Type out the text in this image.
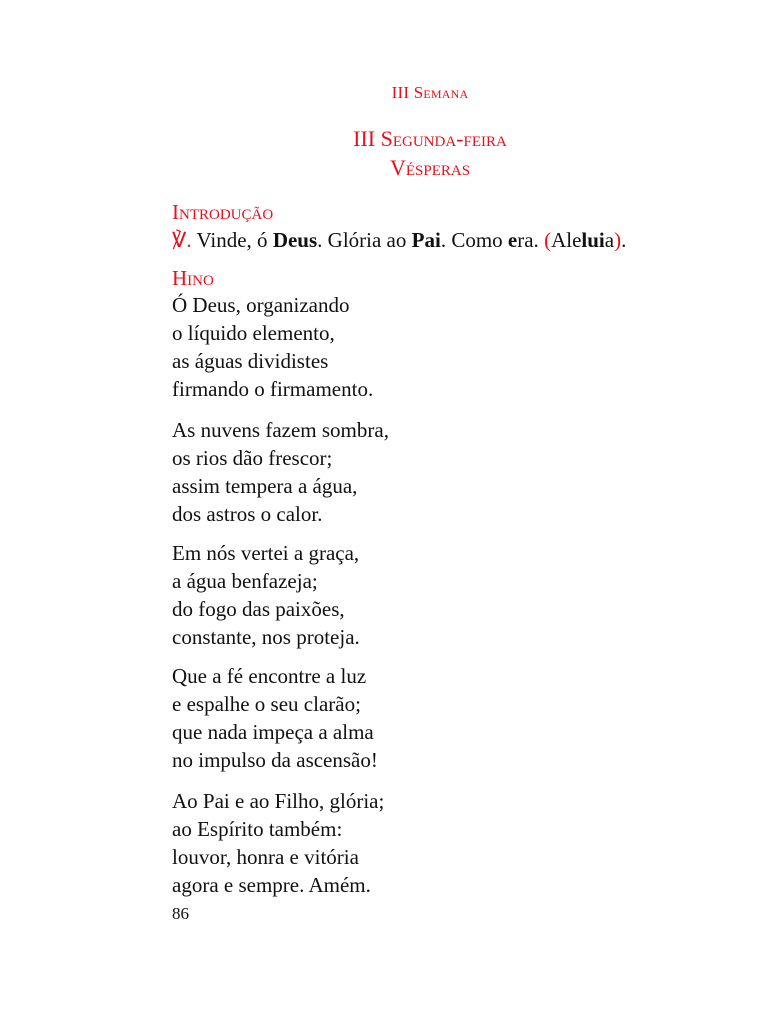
III Semana
III Segunda-feira
Vésperas
Introdução
℣. Vinde, ó Deus. Glória ao Pai. Como era. (Aleluia).
Hino
Ó Deus, organizando
o líquido elemento,
as águas dividistes
firmando o firmamento.
As nuvens fazem sombra,
os rios dão frescor;
assim tempera a água,
dos astros o calor.
Em nós vertei a graça,
a água benfazeja;
do fogo das paixões,
constante, nos proteja.
Que a fé encontre a luz
e espalhe o seu clarão;
que nada impeça a alma
no impulso da ascensão!
Ao Pai e ao Filho, glória;
ao Espírito também:
louvor, honra e vitória
agora e sempre. Amém.
86
